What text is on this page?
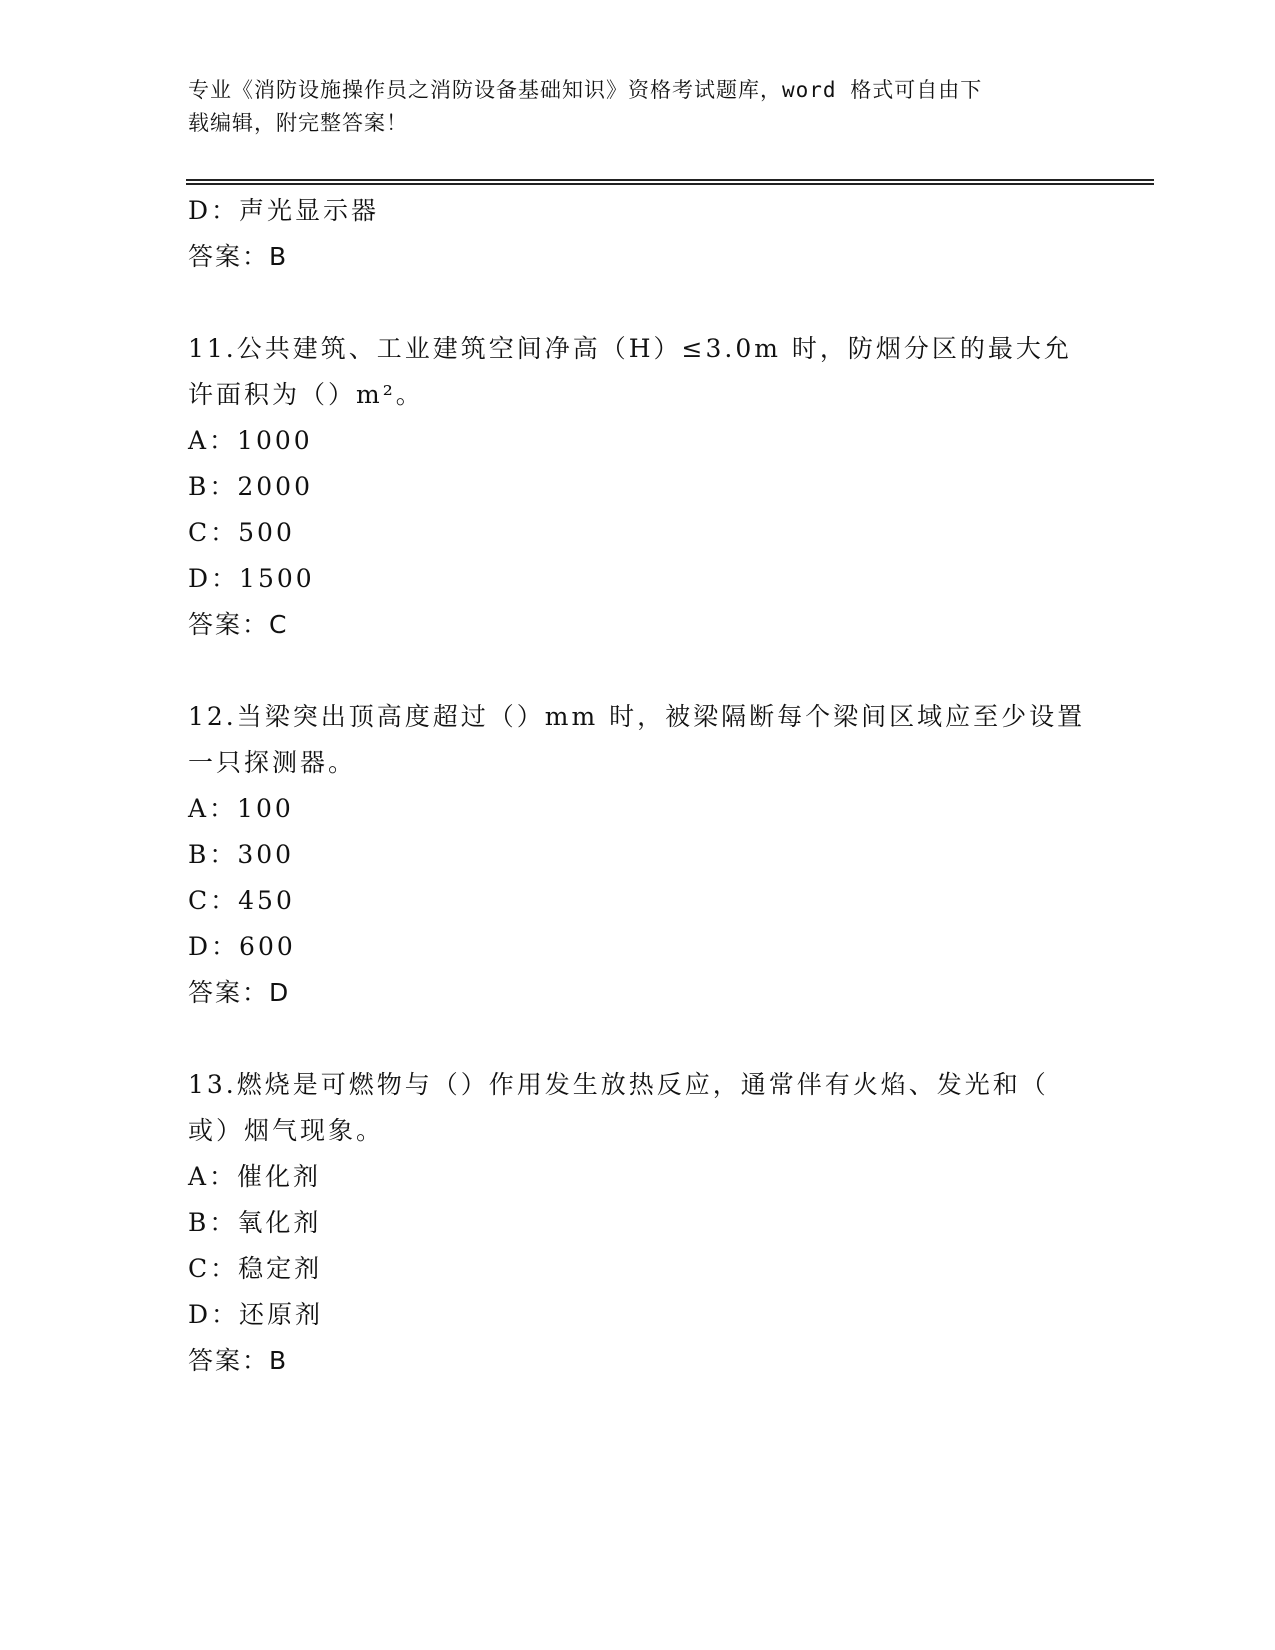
专业《消防设施操作员之消防设备基础知识》资格考试题库，word 格式可自由下
载编辑，附完整答案！
D：声光显示器
答案：B
11.公共建筑、工业建筑空间净高（H）≤3.0m 时，防烟分区的最大允
许面积为（）m²。
A：1000
B：2000
C：500
D：1500
答案：C
12.当梁突出顶高度超过（）mm 时，被梁隔断每个梁间区域应至少设置
一只探测器。
A：100
B：300
C：450
D：600
答案：D
13.燃烧是可燃物与（）作用发生放热反应，通常伴有火焰、发光和（
或）烟气现象。
A：催化剂
B：氧化剂
C：稳定剂
D：还原剂
答案：B
